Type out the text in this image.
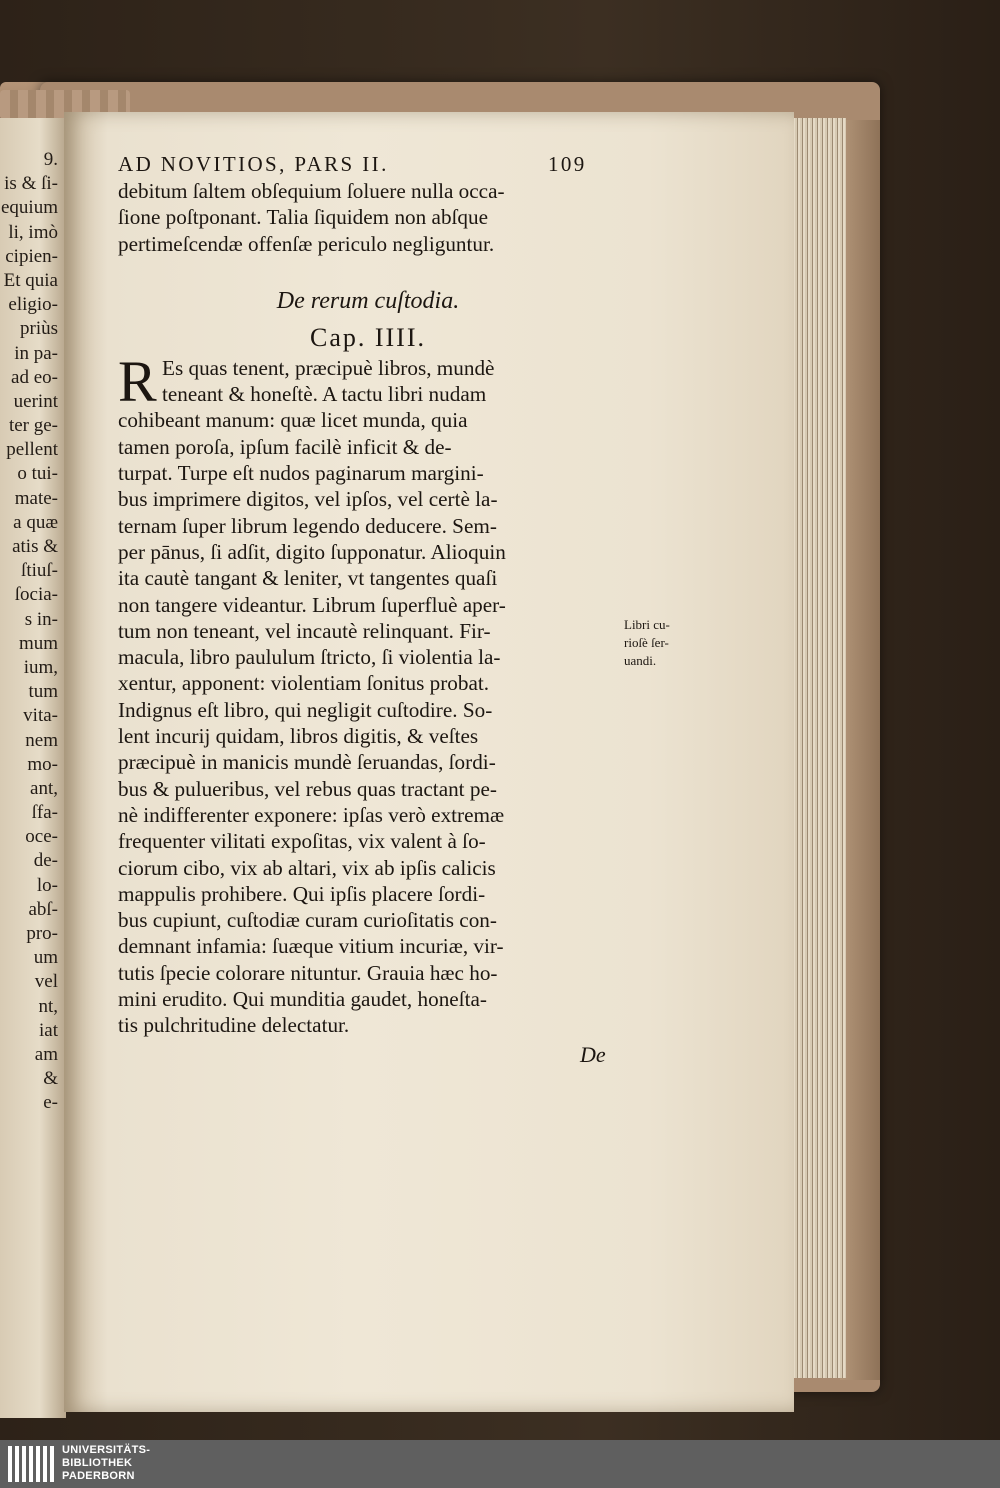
9.
is & ſi-
equium
li, imò
cipien-
Et quia
eligio-
priùs
in pa-
ad eo-
uerint
ter ge-
pellent
o tui-
mate-
a quæ
atis &
ſtiuſ-
ſocia-
s in-
mum
ium,
tum
vita-
nem
mo-
ant,
ſfa-
oce-
de-
lo-
abſ-
pro-
um
vel
nt,
iat
am
&
e-
AD NOVITIOS, PARS II.	109
debitum ſaltem obſequium ſoluere nulla occa-
ſione poſtponant. Talia ſiquidem non abſque
pertimeſcendæ offenſæ periculo negliguntur.
De rerum cuſtodia.
Cap. IIII.
R Es quas tenent, præcipuè libros, mundè
teneant & honeſtè. A tactu libri nudam
cohibeant manum: quæ licet munda, quia
tamen poroſa, ipſum facilè inficit & de-
turpat. Turpe eſt nudos paginarum margini-
bus imprimere digitos, vel ipſos, vel certè la-
ternam ſuper librum legendo deducere. Sem-
per pānus, ſi adſit, digito ſupponatur. Alioquin
ita cautè tangant & leniter, vt tangentes quaſi
non tangere videantur. Librum ſuperfluè aper-
tum non teneant, vel incautè relinquant. Fir-
macula, libro paululum ſtricto, ſi violentia la-
xentur, apponent: violentiam ſonitus probat.
Indignus eſt libro, qui negligit cuſtodire. So-
lent incurij quidam, libros digitis, & veſtes
præcipuè in manicis mundè ſeruandas, ſordi-
bus & pulueribus, vel rebus quas tractant pe-
nè indifferenter exponere: ipſas verò extremæ
frequenter vilitati expoſitas, vix valent à ſo-
ciorum cibo, vix ab altari, vix ab ipſis calicis
mappulis prohibere. Qui ipſis placere ſordi-
bus cupiunt, cuſtodiæ curam curioſitatis con-
demnant infamia: ſuæque vitium incuriæ, vir-
tutis ſpecie colorare nituntur. Grauia hæc ho-
mini erudito. Qui munditia gaudet, honeſta-
tis pulchritudine delectatur.
Libri cu-
rioſè ſer-
uandi.
De
UNIVERSITÄTS-
BIBLIOTHEK
PADERBORN
